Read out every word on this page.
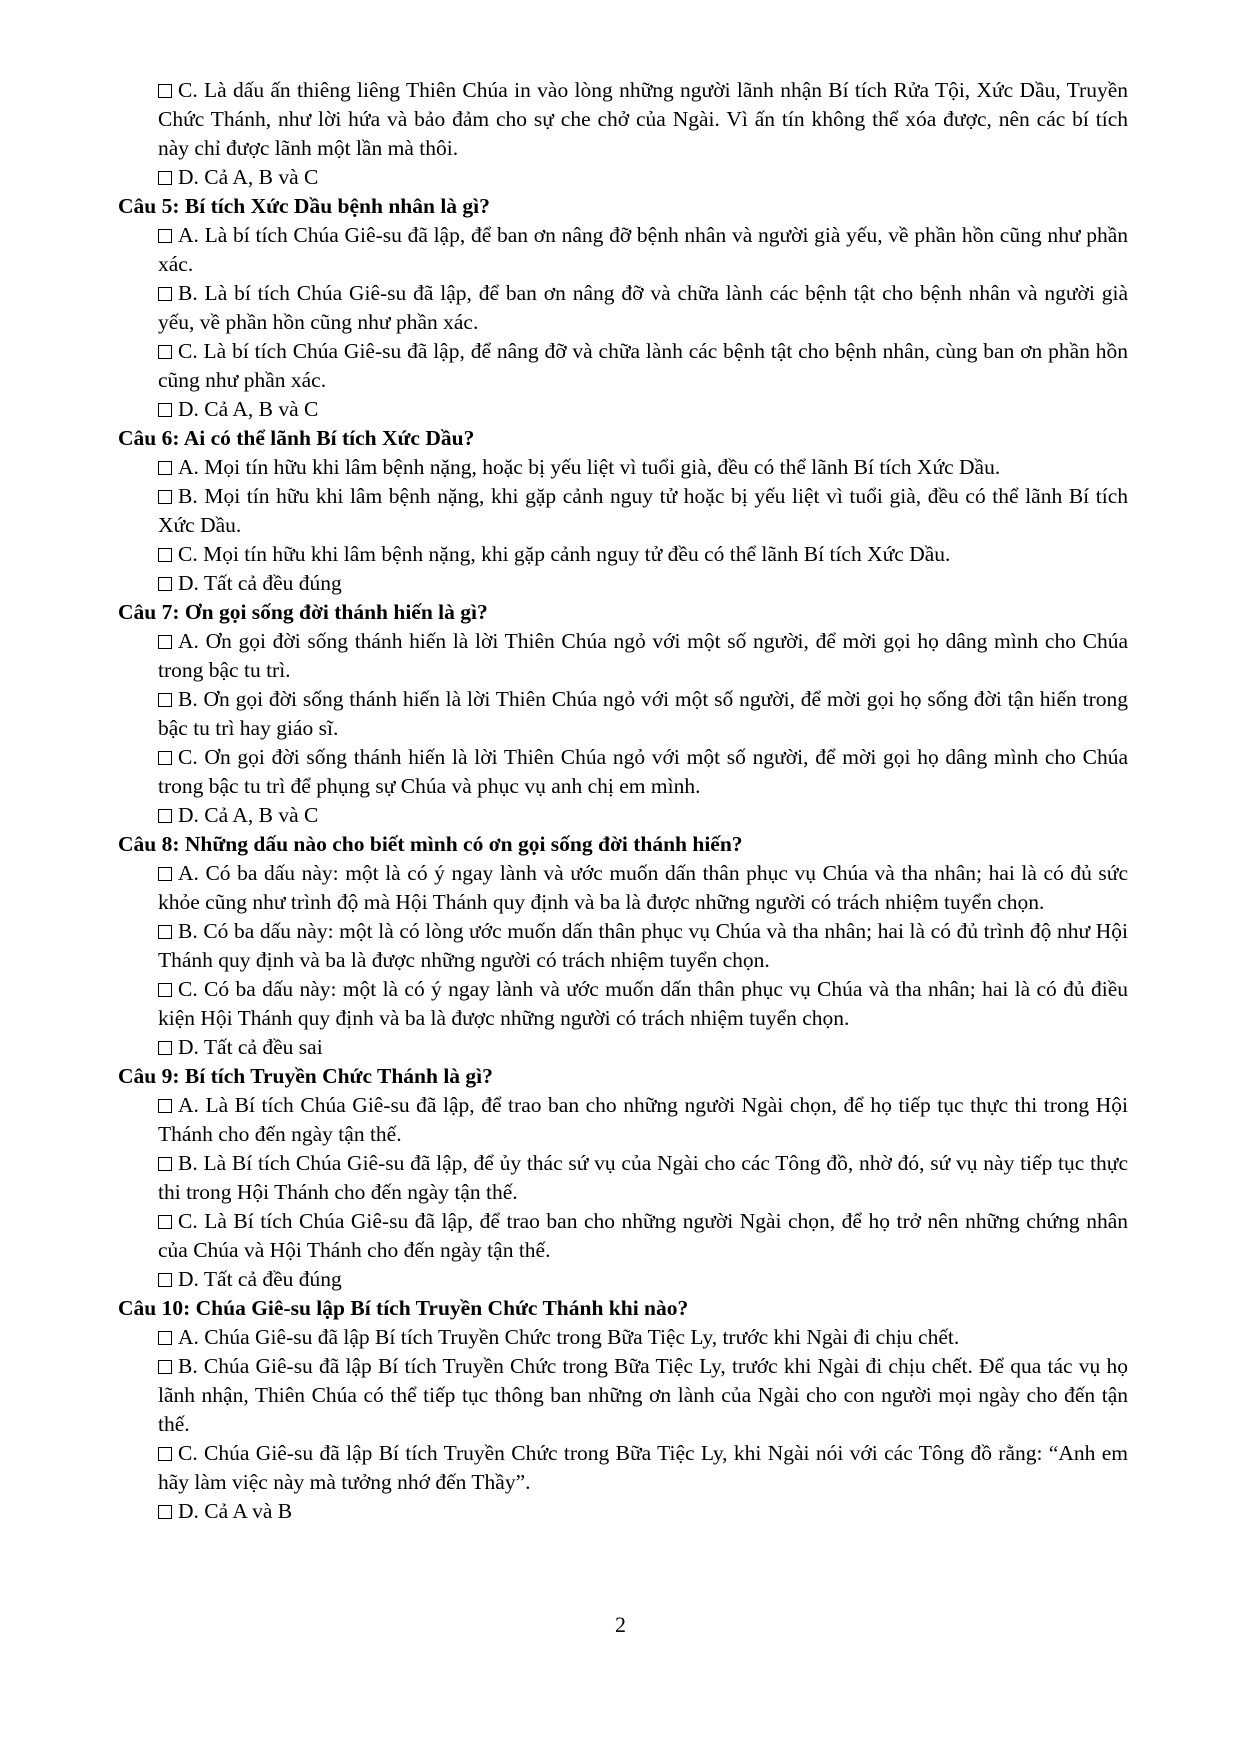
C. Là dấu ấn thiêng liêng Thiên Chúa in vào lòng những người lãnh nhận Bí tích Rửa Tội, Xức Dầu, Truyền Chức Thánh, như lời hứa và bảo đảm cho sự che chở của Ngài. Vì ấn tín không thể xóa được, nên các bí tích này chỉ được lãnh một lần mà thôi.

D. Cả A, B và C

Câu 5: Bí tích Xức Dầu bệnh nhân là gì?

A. Là bí tích Chúa Giê-su đã lập, để ban ơn nâng đỡ bệnh nhân và người già yếu, về phần hồn cũng như phần xác.

B. Là bí tích Chúa Giê-su đã lập, để ban ơn nâng đỡ và chữa lành các bệnh tật cho bệnh nhân và người già yếu, về phần hồn cũng như phần xác.

C. Là bí tích Chúa Giê-su đã lập, để nâng đỡ và chữa lành các bệnh tật cho bệnh nhân, cùng ban ơn phần hồn cũng như phần xác.

D. Cả A, B và C

Câu 6: Ai có thể lãnh Bí tích Xức Dầu?

A. Mọi tín hữu khi lâm bệnh nặng, hoặc bị yếu liệt vì tuổi già, đều có thể lãnh Bí tích Xức Dầu.

B. Mọi tín hữu khi lâm bệnh nặng, khi gặp cảnh nguy tử hoặc bị yếu liệt vì tuổi già, đều có thể lãnh Bí tích Xức Dầu.

C. Mọi tín hữu khi lâm bệnh nặng, khi gặp cảnh nguy tử đều có thể lãnh Bí tích Xức Dầu.

D. Tất cả đều đúng

Câu 7: Ơn gọi sống đời thánh hiến là gì?

A. Ơn gọi đời sống thánh hiến là lời Thiên Chúa ngỏ với một số người, để mời gọi họ dâng mình cho Chúa trong bậc tu trì.

B. Ơn gọi đời sống thánh hiến là lời Thiên Chúa ngỏ với một số người, để mời gọi họ sống đời tận hiến trong bậc tu trì hay giáo sĩ.

C. Ơn gọi đời sống thánh hiến là lời Thiên Chúa ngỏ với một số người, để mời gọi họ dâng mình cho Chúa trong bậc tu trì để phụng sự Chúa và phục vụ anh chị em mình.

D. Cả A, B và C

Câu 8: Những dấu nào cho biết mình có ơn gọi sống đời thánh hiến?

A. Có ba dấu này: một là có ý ngay lành và ước muốn dấn thân phục vụ Chúa và tha nhân; hai là có đủ sức khỏe cũng như trình độ mà Hội Thánh quy định và ba là được những người có trách nhiệm tuyển chọn.

B. Có ba dấu này: một là có lòng ước muốn dấn thân phục vụ Chúa và tha nhân; hai là có đủ trình độ như Hội Thánh quy định và ba là được những người có trách nhiệm tuyển chọn.

C. Có ba dấu này: một là có ý ngay lành và ước muốn dấn thân phục vụ Chúa và tha nhân; hai là có đủ điều kiện Hội Thánh quy định và ba là được những người có trách nhiệm tuyển chọn.

D. Tất cả đều sai

Câu 9: Bí tích Truyền Chức Thánh là gì?

A. Là Bí tích Chúa Giê-su đã lập, để trao ban cho những người Ngài chọn, để họ tiếp tục thực thi trong Hội Thánh cho đến ngày tận thế.

B. Là Bí tích Chúa Giê-su đã lập, để ủy thác sứ vụ của Ngài cho các Tông đồ, nhờ đó, sứ vụ này tiếp tục thực thi trong Hội Thánh cho đến ngày tận thế.

C. Là Bí tích Chúa Giê-su đã lập, để trao ban cho những người Ngài chọn, để họ trở nên những chứng nhân của Chúa và Hội Thánh cho đến ngày tận thế.

D. Tất cả đều đúng

Câu 10: Chúa Giê-su lập Bí tích Truyền Chức Thánh khi nào?

A. Chúa Giê-su đã lập Bí tích Truyền Chức trong Bữa Tiệc Ly, trước khi Ngài đi chịu chết.

B. Chúa Giê-su đã lập Bí tích Truyền Chức trong Bữa Tiệc Ly, trước khi Ngài đi chịu chết. Để qua tác vụ họ lãnh nhận, Thiên Chúa có thể tiếp tục thông ban những ơn lành của Ngài cho con người mọi ngày cho đến tận thế.

C. Chúa Giê-su đã lập Bí tích Truyền Chức trong Bữa Tiệc Ly, khi Ngài nói với các Tông đồ rằng: “Anh em hãy làm việc này mà tưởng nhớ đến Thầy”.

D. Cả A và B

2
